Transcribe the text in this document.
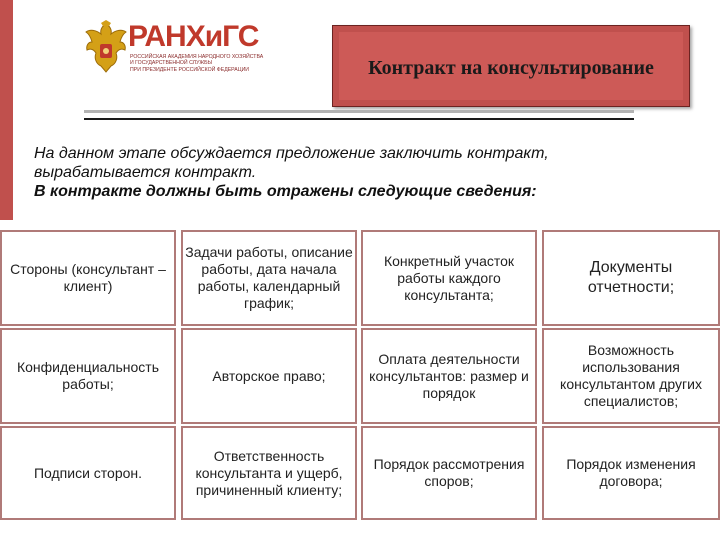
РАНХиГС
РОССИЙСКАЯ АКАДЕМИЯ НАРОДНОГО ХОЗЯЙСТВА
И ГОСУДАРСТВЕННОЙ СЛУЖБЫ
ПРИ ПРЕЗИДЕНТЕ РОССИЙСКОЙ ФЕДЕРАЦИИ	Контракт на консультирование

На данном этапе обсуждается предложение заключить контракт,

вырабатывается контракт.

В контракте должны быть отражены следующие сведения:

Стороны (консультант – клиент)
Задачи работы, описание работы, дата начала работы, календарный график;
Конкретный участок работы каждого консультанта;
Документы отчетности;
Конфиденциальность работы;
Авторское право;
Оплата деятельности консультантов: размер и порядок
Возможность использования консультантом других специалистов;
Подписи сторон.
Ответственность консультанта и ущерб, причиненный клиенту;
Порядок рассмотрения споров;
Порядок изменения договора;
